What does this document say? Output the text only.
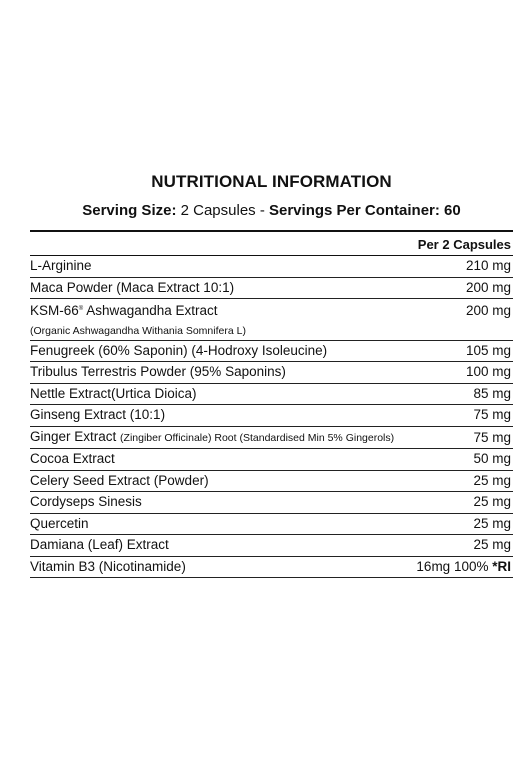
NUTRITIONAL INFORMATION
Serving Size: 2 Capsules - Servings Per Container: 60
Per 2 Capsules
L-Arginine	210 mg
Maca Powder (Maca Extract 10:1)	200 mg
KSM-66® Ashwagandha Extract	200 mg
(Organic Ashwagandha Withania Somnifera L)	
Fenugreek (60% Saponin) (4-Hodroxy Isoleucine)	105 mg
Tribulus Terrestris Powder (95% Saponins)	100 mg
Nettle Extract(Urtica Dioica)	85 mg
Ginseng Extract (10:1)	75 mg
Ginger Extract (Zingiber Officinale) Root (Standardised Min 5% Gingerols)	75 mg
Cocoa Extract	50 mg
Celery Seed Extract (Powder)	25 mg
Cordyseps Sinesis	25 mg
Quercetin	25 mg
Damiana (Leaf) Extract	25 mg
Vitamin B3 (Nicotinamide)	16mg 100% *RI
